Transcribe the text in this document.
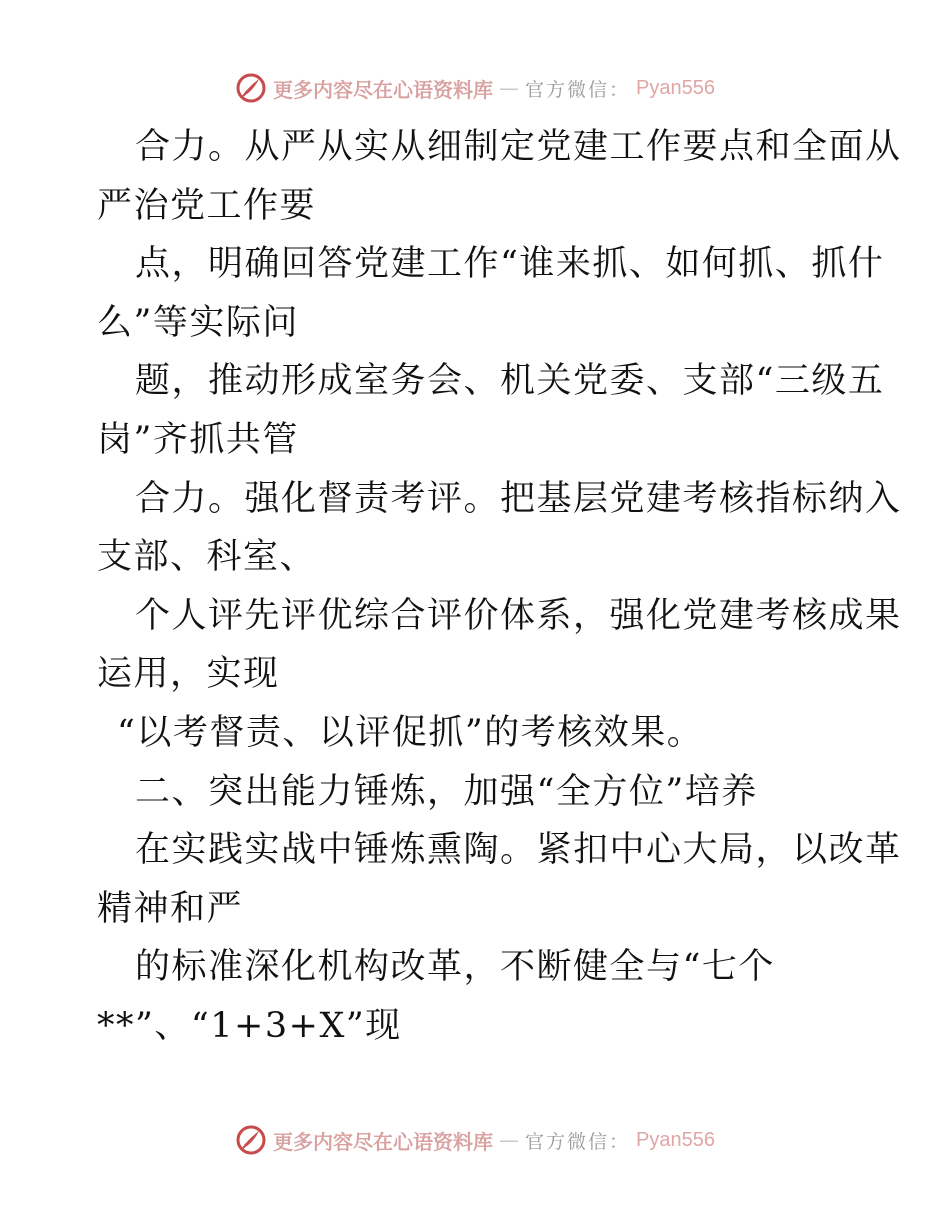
更多内容尽在心语资料库 — 官方微信： Pyan556
合力。从严从实从细制定党建工作要点和全面从
严治党工作要
点，明确回答党建工作“谁来抓、如何抓、抓什
么”等实际问
题，推动形成室务会、机关党委、支部“三级五
岗”齐抓共管
合力。强化督责考评。把基层党建考核指标纳入
支部、科室、
个人评先评优综合评价体系，强化党建考核成果
运用，实现
“以考督责、以评促抓”的考核效果。
二、突出能力锤炼，加强“全方位”培养
在实践实战中锤炼熏陶。紧扣中心大局，以改革
精神和严
的标准深化机构改革，不断健全与“七个
**”、“1+3+X”现
更多内容尽在心语资料库 — 官方微信： Pyan556
